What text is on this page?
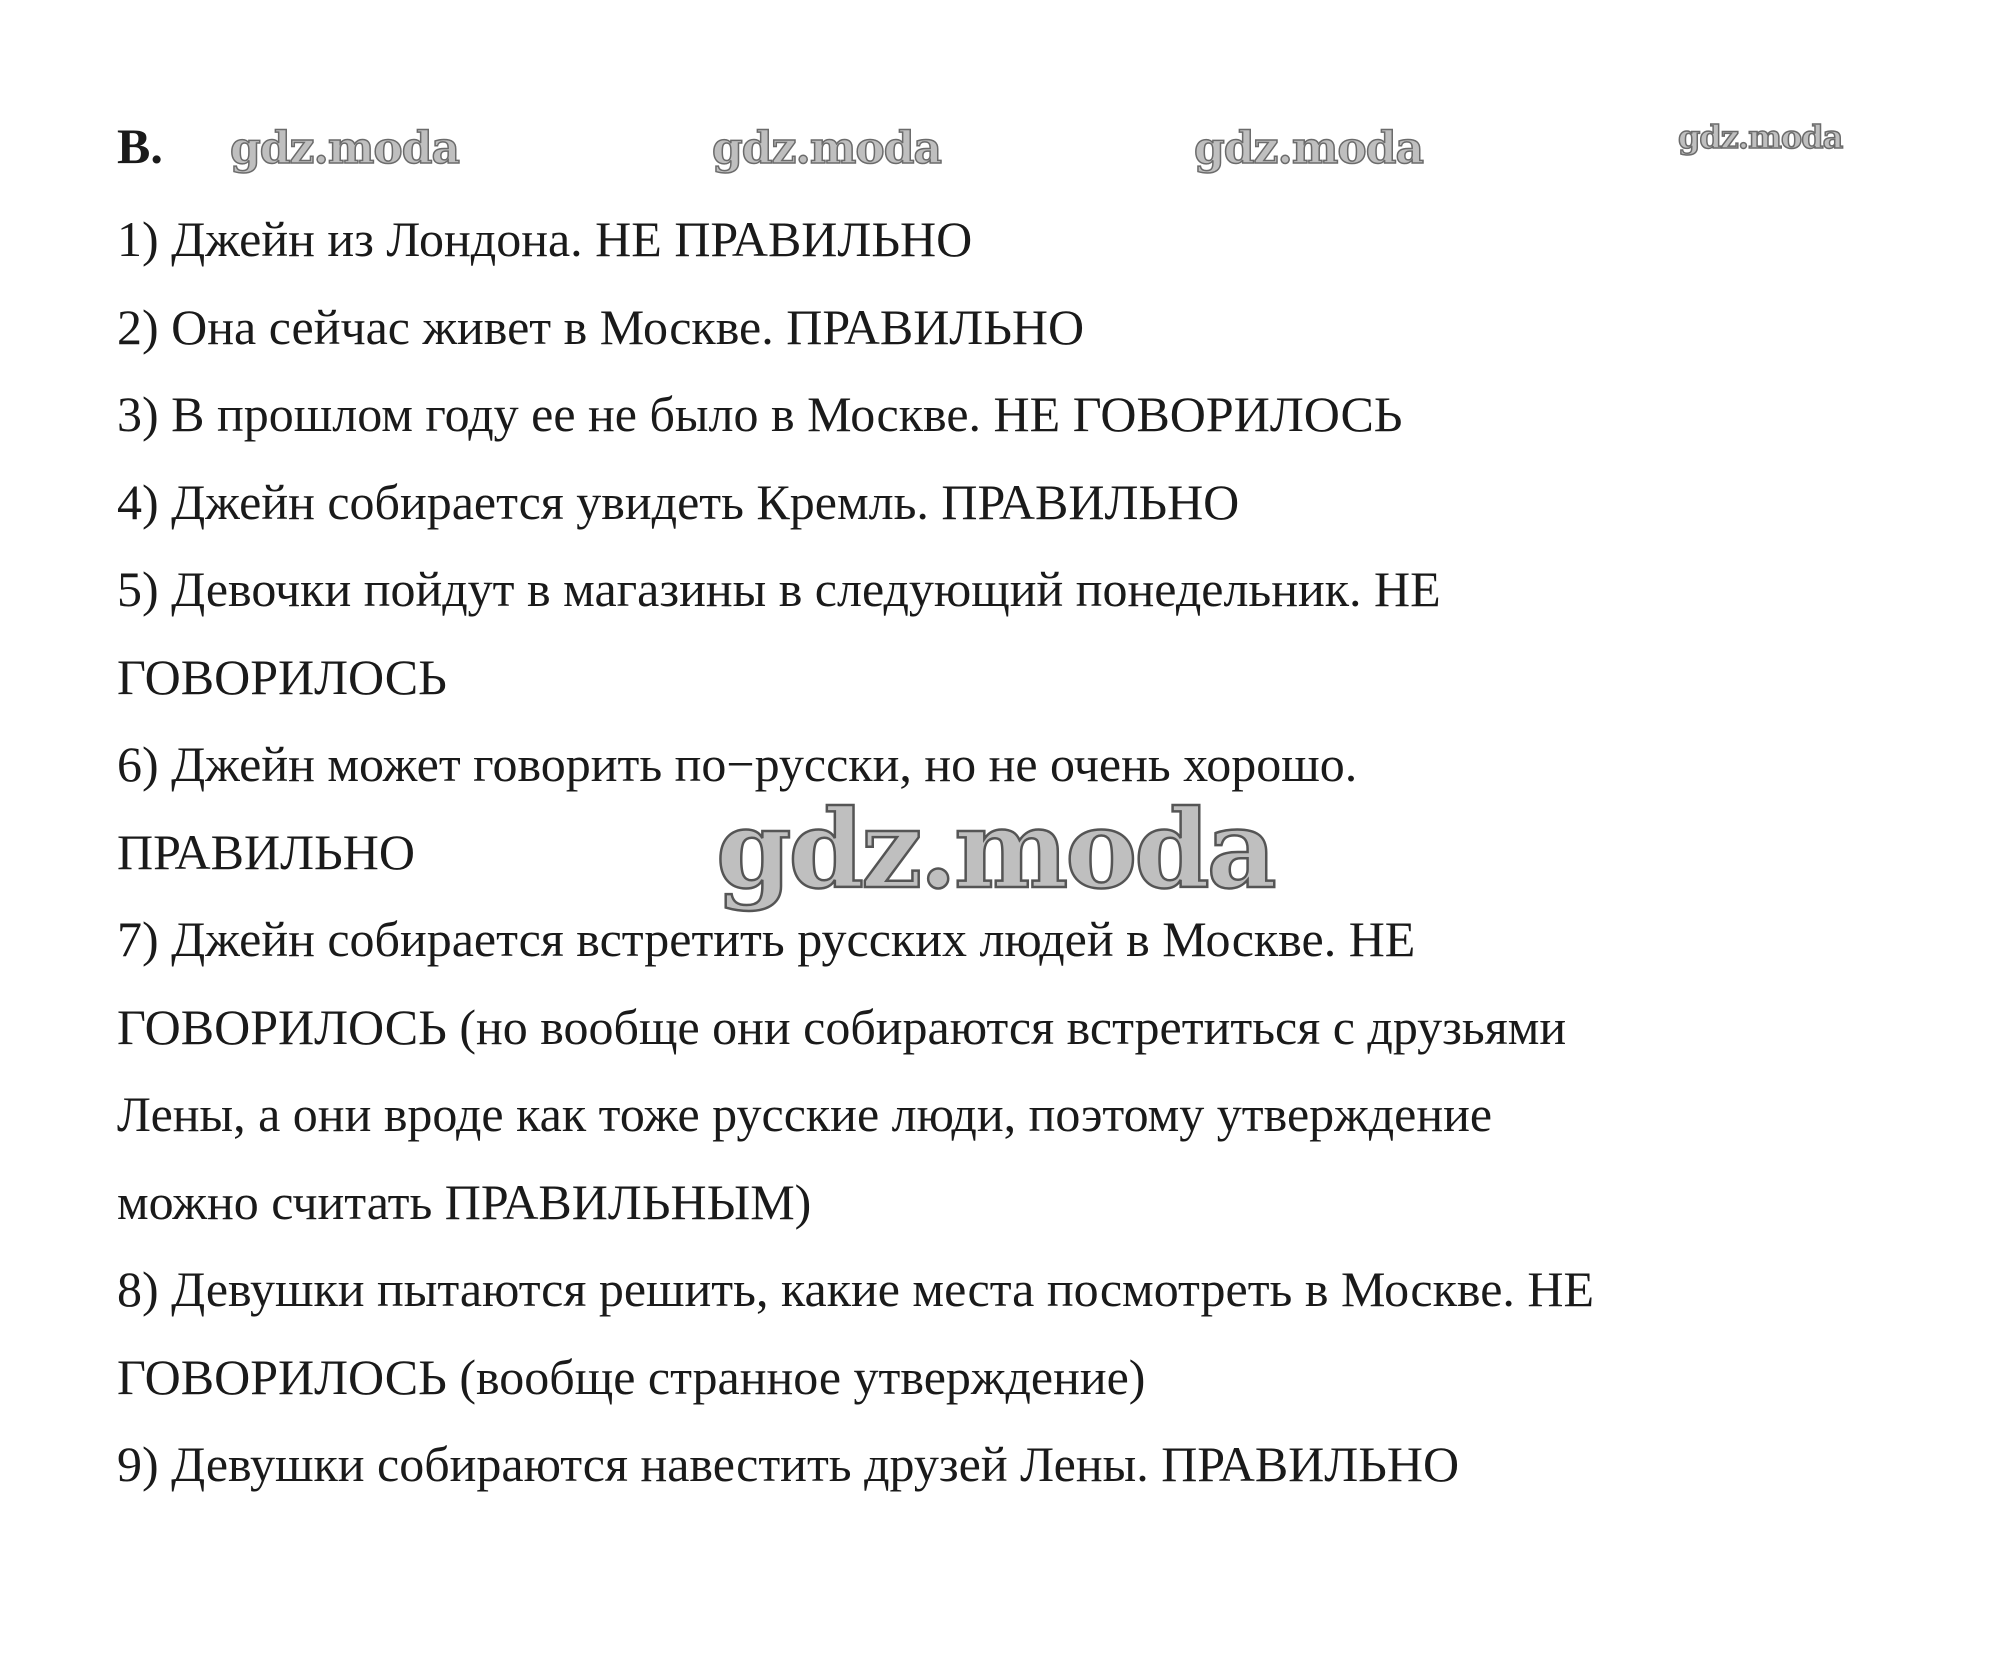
B. gdz.moda	gdz.moda	gdz.moda	gdz.moda
1) Джейн из Лондона. НЕ ПРАВИЛЬНО
2) Она сейчас живет в Москве. ПРАВИЛЬНО
3) В прошлом году ее не было в Москве. НЕ ГОВОРИЛОСЬ
4) Джейн собирается увидеть Кремль. ПРАВИЛЬНО
5) Девочки пойдут в магазины в следующий понедельник. НЕ
ГОВОРИЛОСЬ
6) Джейн может говорить по−русски, но не очень хорошо.
ПРАВИЛЬНО
7) Джейн собирается встретить русских людей в Москве. НЕ
ГОВОРИЛОСЬ (но вообще они собираются встретиться с друзьями
Лены, а они вроде как тоже русские люди, поэтому утверждение
можно считать ПРАВИЛЬНЫМ)
8) Девушки пытаются решить, какие места посмотреть в Москве. НЕ
ГОВОРИЛОСЬ (вообще странное утверждение)
9) Девушки собираются навестить друзей Лены. ПРАВИЛЬНО
gdz.moda
